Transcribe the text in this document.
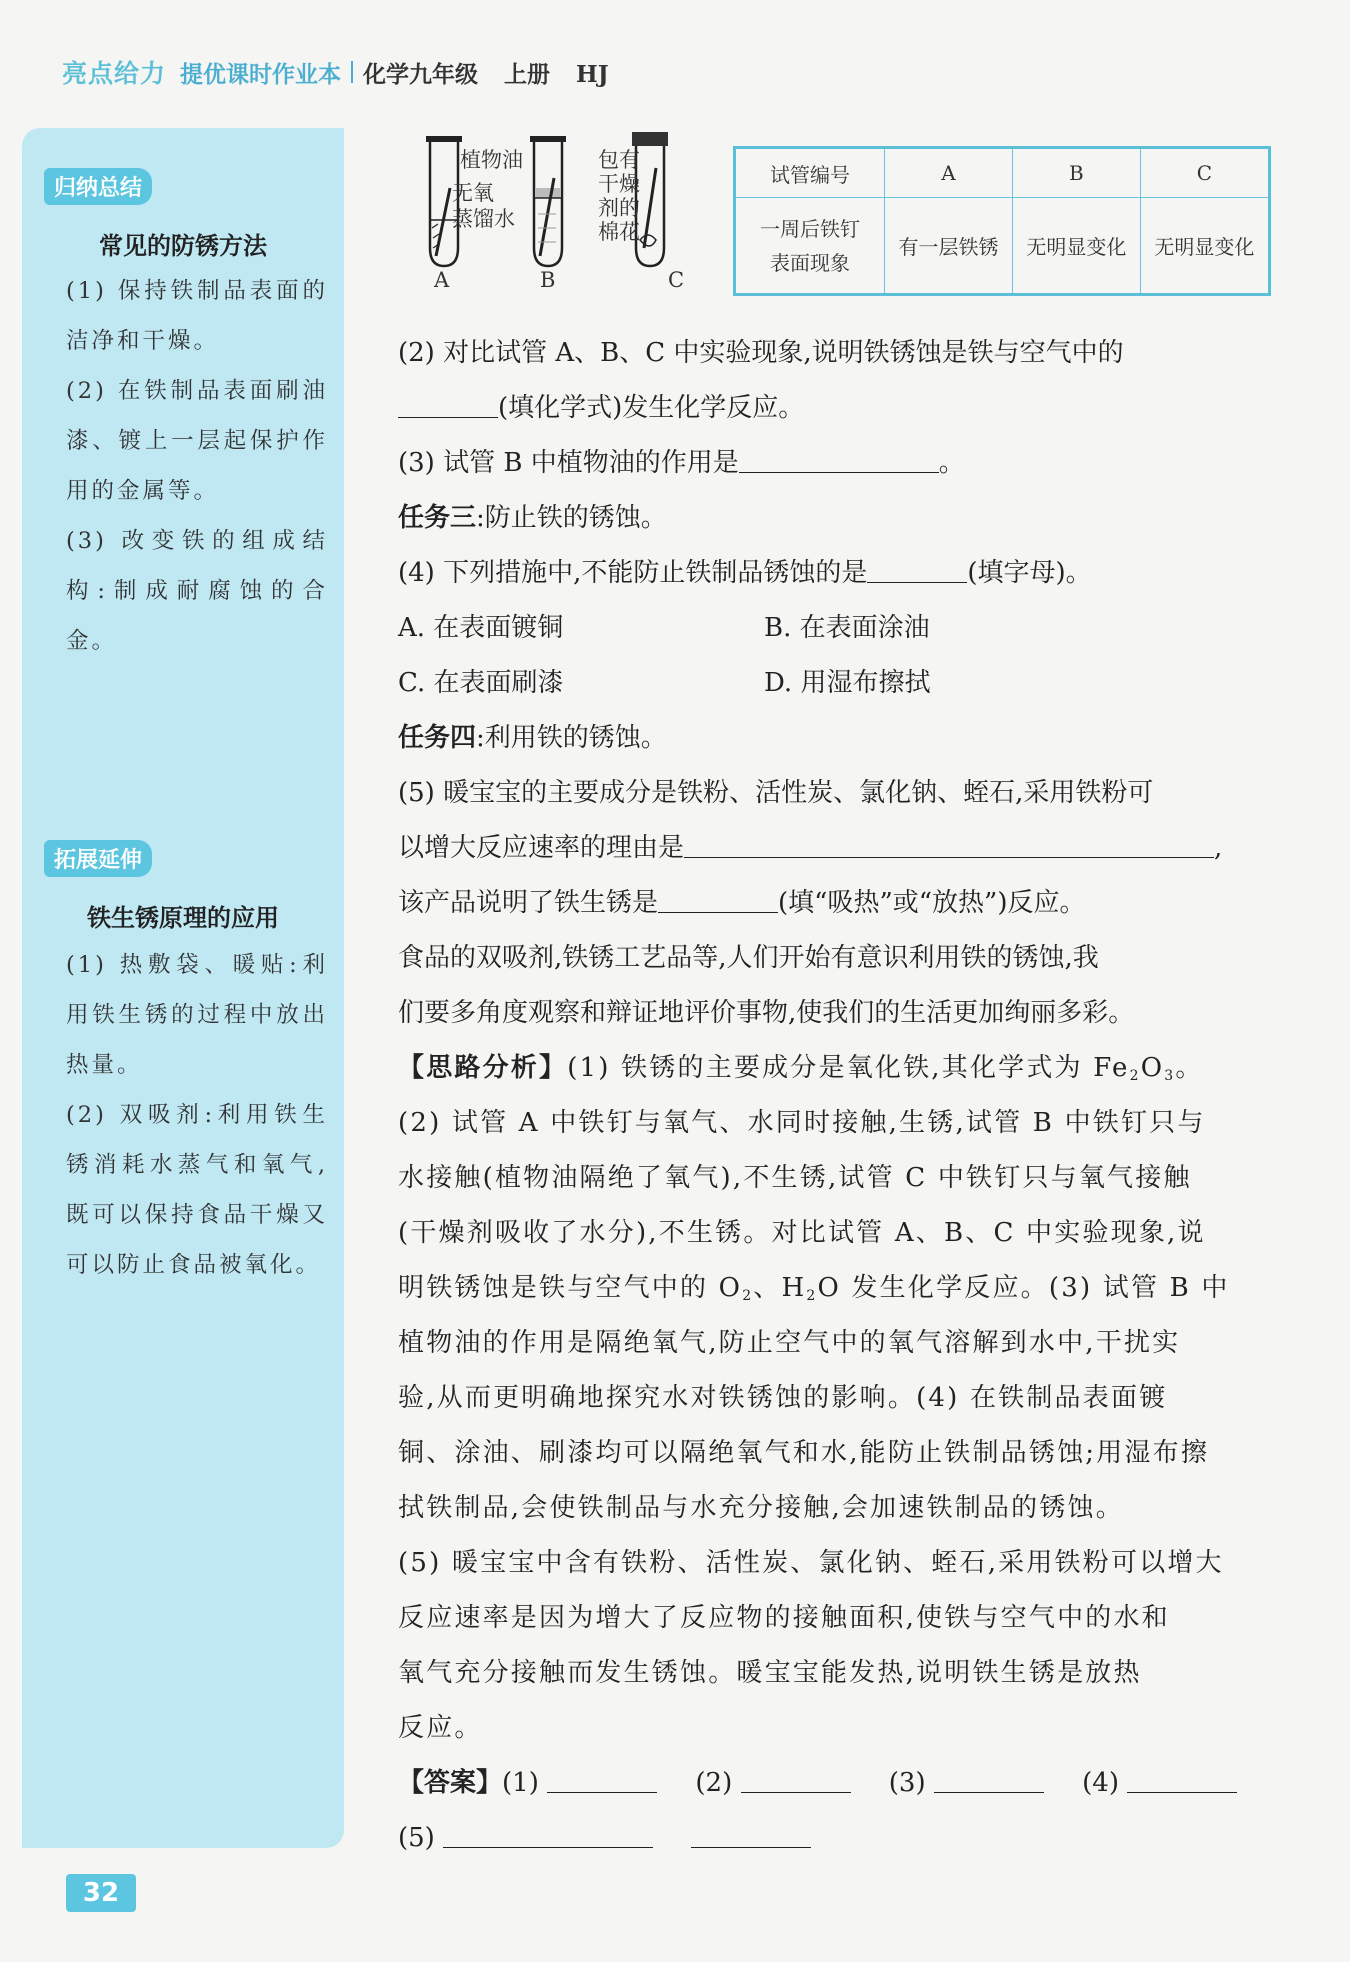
亮点给力 提优课时作业本 化学九年级 上册 HJ
归纳总结
常见的防锈方法

(1) 保持铁制品表面的洁净和干燥。

(2) 在铁制品表面刷油漆、镀上一层起保护作用的金属等。

(3) 改变铁的组成结构:制成耐腐蚀的合金。

拓展延伸
铁生锈原理的应用

(1) 热敷袋、暖贴:利用铁生锈的过程中放出热量。

(2) 双吸剂:利用铁生锈消耗水蒸气和氧气,既可以保持食品干燥又可以防止食品被氧化。

植物油
无氧
蒸馏水
包有
干燥
剂的
棉花
A	B	C
试管编号	A	B	C
一周后铁钉
表面现象	有一层铁锈	无明显变化	无明显变化
(2) 对比试管 A、B、C 中实验现象,说明铁锈蚀是铁与空气中的
(填化学式)发生化学反应。
(3) 试管 B 中植物油的作用是	。
任务三:防止铁的锈蚀。
(4) 下列措施中,不能防止铁制品锈蚀的是	(填字母)。
A. 在表面镀铜	B. 在表面涂油
C. 在表面刷漆	D. 用湿布擦拭
任务四:利用铁的锈蚀。
(5) 暖宝宝的主要成分是铁粉、活性炭、氯化钠、蛭石,采用铁粉可
以增大反应速率的理由是	,
该产品说明了铁生锈是	(填“吸热”或“放热”)反应。
食品的双吸剂,铁锈工艺品等,人们开始有意识利用铁的锈蚀,我
们要多角度观察和辩证地评价事物,使我们的生活更加绚丽多彩。
【思路分析】(1) 铁锈的主要成分是氧化铁,其化学式为 $Fe_2O_3$。
(2) 试管 A 中铁钉与氧气、水同时接触,生锈,试管 B 中铁钉只与
水接触(植物油隔绝了氧气),不生锈,试管 C 中铁钉只与氧气接触
(干燥剂吸收了水分),不生锈。对比试管 A、B、C 中实验现象,说
明铁锈蚀是铁与空气中的 $O_2$、$H_2O$ 发生化学反应。(3) 试管 B 中
植物油的作用是隔绝氧气,防止空气中的氧气溶解到水中,干扰实
验,从而更明确地探究水对铁锈蚀的影响。(4) 在铁制品表面镀
铜、涂油、刷漆均可以隔绝氧气和水,能防止铁制品锈蚀;用湿布擦
拭铁制品,会使铁制品与水充分接触,会加速铁制品的锈蚀。
(5) 暖宝宝中含有铁粉、活性炭、氯化钠、蛭石,采用铁粉可以增大
反应速率是因为增大了反应物的接触面积,使铁与空气中的水和
氧气充分接触而发生锈蚀。暖宝宝能发热,说明铁生锈是放热
反应。
【答案】(1)	(2)	(3)	(4)
(5)
32
